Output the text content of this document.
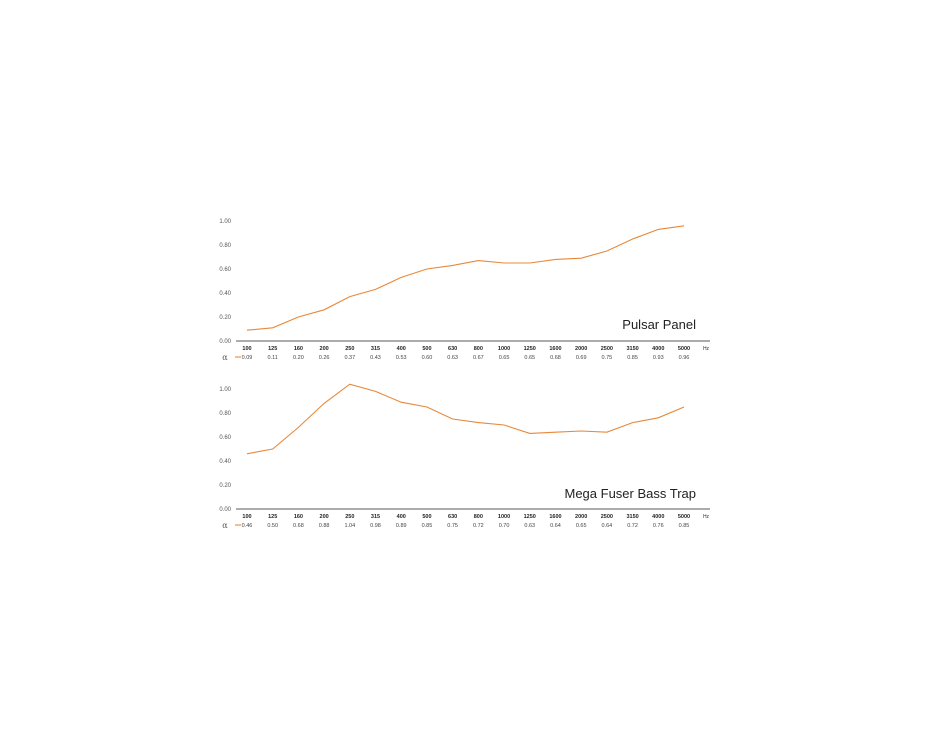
0.00
0.20
0.40
0.60
0.80
1.00
100	125	160	200	250	315	400	500	630	800	1000 1250 1600 2000 2500 3150 4000 5000	Hz
α	0.09	0.11	0.20	0.26	0.37	0.43	0.53	0.60	0.63	0.67	0.65	0.65	0.68	0.69	0.75	0.85	0.93	0.96
Pulsar Panel
0.00
0.20
0.40
0.60
0.80
1.00
100	125	160	200	250	315	400	500	630	800	1000 1250 1600 2000 2500 3150 4000 5000	Hz
α	0.46	0.50	0.68	0.88	1.04	0.98	0.89	0.85	0.75	0.72	0.70	0.63	0.64	0.65	0.64	0.72	0.76	0.85
Mega Fuser Bass Trap
